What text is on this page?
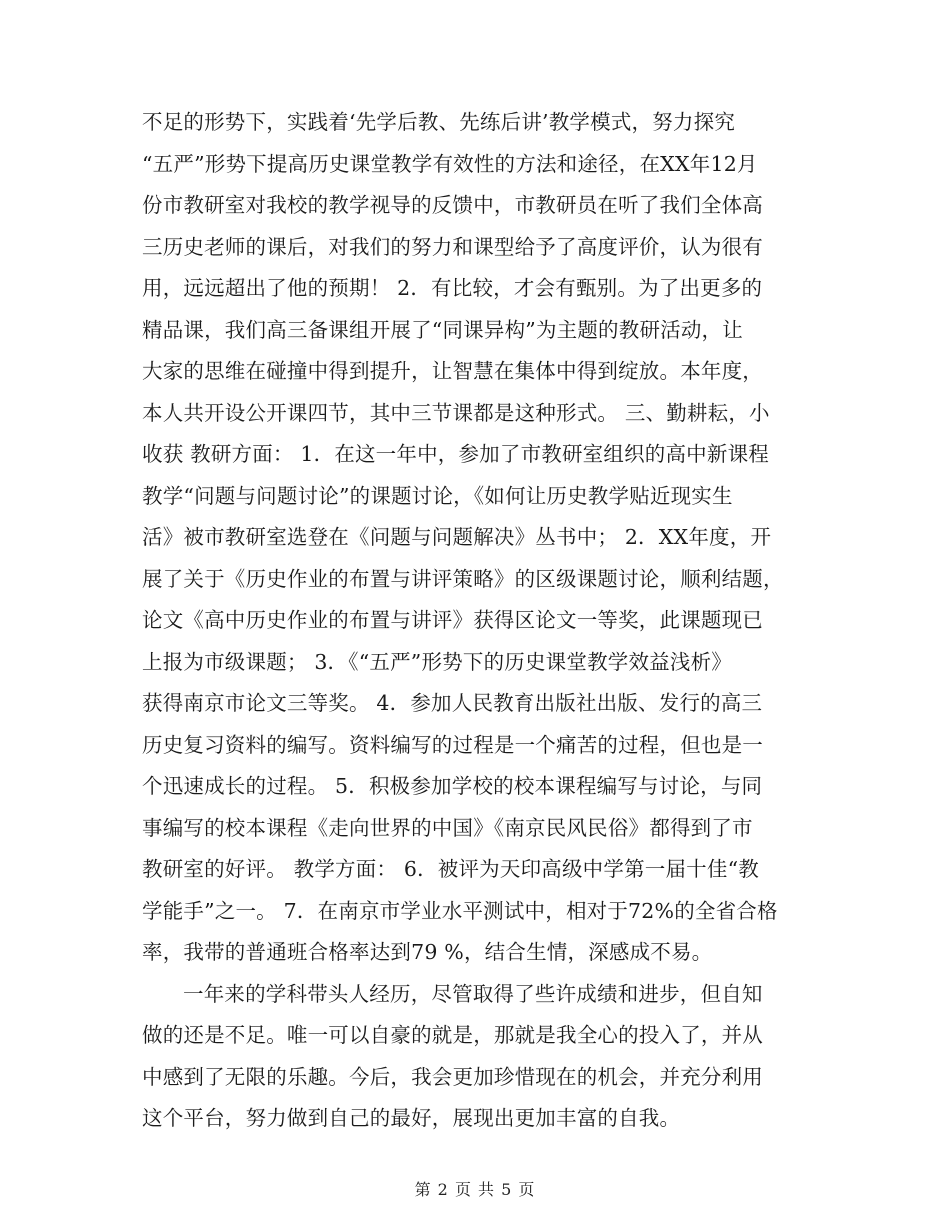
不足的形势下，实践着‘先学后教、先练后讲’教学模式，努力探究
“五严”形势下提高历史课堂教学有效性的方法和途径，在XX年12月
份市教研室对我校的教学视导的反馈中，市教研员在听了我们全体高
三历史老师的课后，对我们的努力和课型给予了高度评价，认为很有
用，远远超出了他的预期！ 2．有比较，才会有甄别。为了出更多的
精品课，我们高三备课组开展了“同课异构”为主题的教研活动，让
大家的思维在碰撞中得到提升，让智慧在集体中得到绽放。本年度，
本人共开设公开课四节，其中三节课都是这种形式。 三、勤耕耘，小
收获 教研方面： 1．在这一年中，参加了市教研室组织的高中新课程
教学“问题与问题讨论”的课题讨论，《如何让历史教学贴近现实生
活》被市教研室选登在《问题与问题解决》丛书中； 2．XX年度，开
展了关于《历史作业的布置与讲评策略》的区级课题讨论，顺利结题，
论文《高中历史作业的布置与讲评》获得区论文一等奖，此课题现已
上报为市级课题； 3．《“五严”形势下的历史课堂教学效益浅析》
获得南京市论文三等奖。 4．参加人民教育出版社出版、发行的高三
历史复习资料的编写。资料编写的过程是一个痛苦的过程，但也是一
个迅速成长的过程。 5．积极参加学校的校本课程编写与讨论，与同
事编写的校本课程《走向世界的中国》《南京民风民俗》都得到了市
教研室的好评。 教学方面： 6．被评为天印高级中学第一届十佳“教
学能手”之一。 7．在南京市学业水平测试中，相对于72%的全省合格
率，我带的普通班合格率达到79 %，结合生情，深感成不易。
一年来的学科带头人经历，尽管取得了些许成绩和进步，但自知
做的还是不足。唯一可以自豪的就是，那就是我全心的投入了，并从
中感到了无限的乐趣。今后，我会更加珍惜现在的机会，并充分利用
这个平台，努力做到自己的最好，展现出更加丰富的自我。
第 2 页 共 5 页
